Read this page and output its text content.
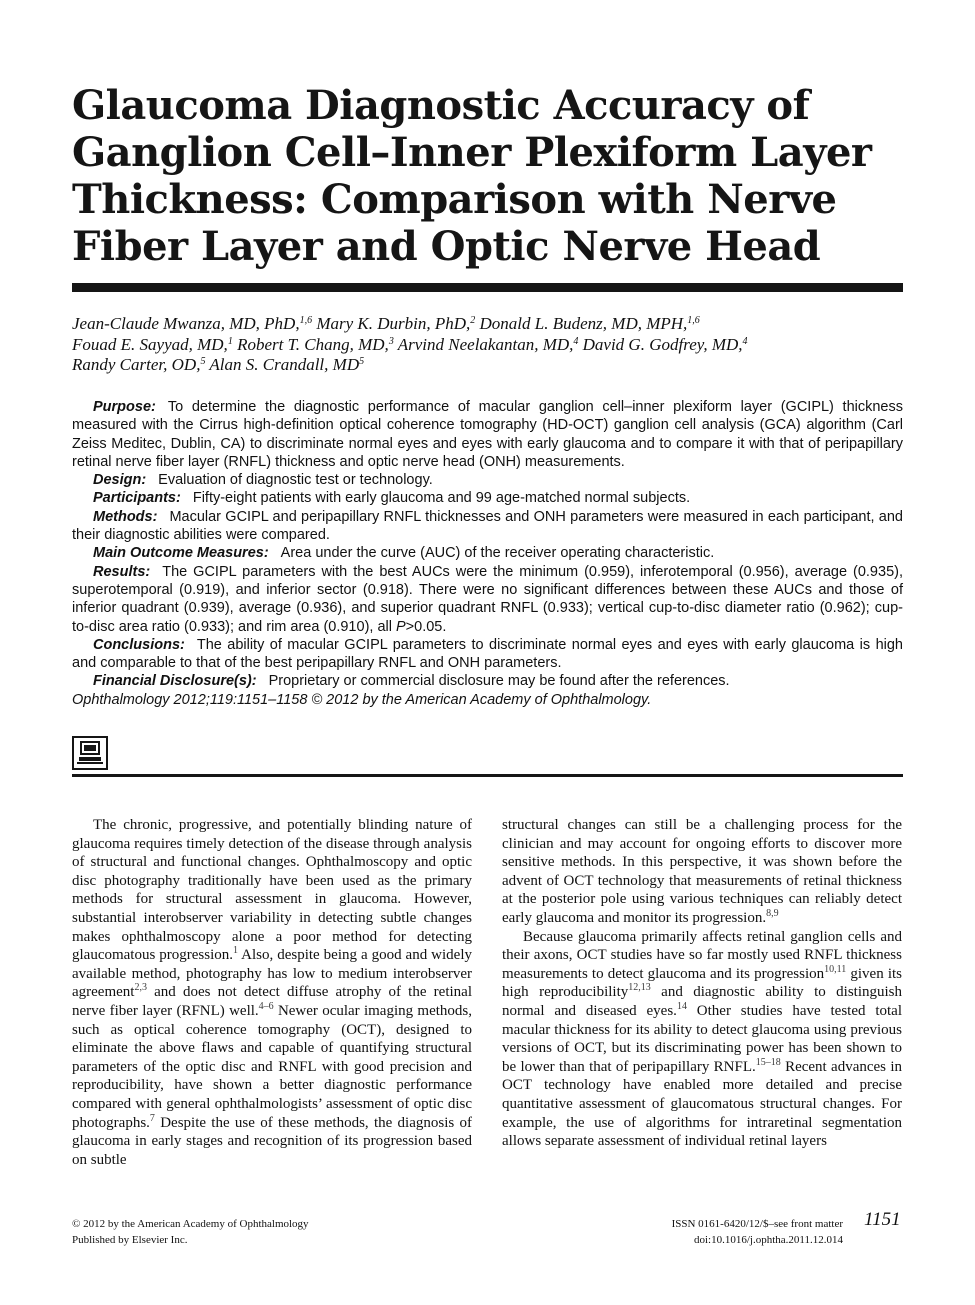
Glaucoma Diagnostic Accuracy of Ganglion Cell–Inner Plexiform Layer Thickness: Comparison with Nerve Fiber Layer and Optic Nerve Head
Jean-Claude Mwanza, MD, PhD,$^{1,6}$ Mary K. Durbin, PhD,$^2$ Donald L. Budenz, MD, MPH,$^{1,6}$
Fouad E. Sayyad, MD,$^1$ Robert T. Chang, MD,$^3$ Arvind Neelakantan, MD,$^4$ David G. Godfrey, MD,$^4$
Randy Carter, OD,$^5$ Alan S. Crandall, $MD^5$

Purpose: To determine the diagnostic performance of macular ganglion cell–inner plexiform layer (GCIPL) thickness measured with the Cirrus high-definition optical coherence tomography (HD-OCT) ganglion cell analysis (GCA) algorithm (Carl Zeiss Meditec, Dublin, CA) to discriminate normal eyes and eyes with early glaucoma and to compare it with that of peripapillary retinal nerve fiber layer (RNFL) thickness and optic nerve head (ONH) measurements.

Design: Evaluation of diagnostic test or technology.

Participants: Fifty-eight patients with early glaucoma and 99 age-matched normal subjects.

Methods: Macular GCIPL and peripapillary RNFL thicknesses and ONH parameters were measured in each participant, and their diagnostic abilities were compared.

Main Outcome Measures: Area under the curve (AUC) of the receiver operating characteristic.

Results: The GCIPL parameters with the best AUCs were the minimum (0.959), inferotemporal (0.956), average (0.935), superotemporal (0.919), and inferior sector (0.918). There were no significant differences between these AUCs and those of inferior quadrant (0.939), average (0.936), and superior quadrant RNFL (0.933); vertical cup-to-disc diameter ratio (0.962); cup-to-disc area ratio (0.933); and rim area (0.910), all P>0.05.

Conclusions: The ability of macular GCIPL parameters to discriminate normal eyes and eyes with early glaucoma is high and comparable to that of the best peripapillary RNFL and ONH parameters.

Financial Disclosure(s): Proprietary or commercial disclosure may be found after the references.
Ophthalmology 2012;119:1151–1158 © 2012 by the American Academy of Ophthalmology.

The chronic, progressive, and potentially blinding nature of glaucoma requires timely detection of the disease through analysis of structural and functional changes. Ophthalmoscopy and optic disc photography traditionally have been used as the primary methods for structural assessment in glaucoma. However, substantial interobserver variability in detecting subtle changes makes ophthalmoscopy alone a poor method for detecting glaucomatous progression.$^1$ Also, despite being a good and widely available method, photography has low to medium interobserver agreement$^{2,3}$ and does not detect diffuse atrophy of the retinal nerve fiber layer (RFNL) well.$^{4-6}$ Newer ocular imaging methods, such as optical coherence tomography (OCT), designed to eliminate the above flaws and capable of quantifying structural parameters of the optic disc and RNFL with good precision and reproducibility, have shown a better diagnostic performance compared with general ophthalmologists’ assessment of optic disc photographs.$^7$ Despite the use of these methods, the diagnosis of glaucoma in early stages and recognition of its progression based on subtle

structural changes can still be a challenging process for the clinician and may account for ongoing efforts to discover more sensitive methods. In this perspective, it was shown before the advent of OCT technology that measurements of retinal thickness at the posterior pole using various techniques can reliably detect early glaucoma and monitor its progression.$^{8,9}$

Because glaucoma primarily affects retinal ganglion cells and their axons, OCT studies have so far mostly used RNFL thickness measurements to detect glaucoma and its progression$^{10,11}$ given its high reproducibility$^{12,13}$ and diagnostic ability to distinguish normal and diseased eyes.$^{14}$ Other studies have tested total macular thickness for its ability to detect glaucoma using previous versions of OCT, but its discriminating power has been shown to be lower than that of peripapillary RNFL.$^{15-18}$ Recent advances in OCT technology have enabled more detailed and precise quantitative assessment of glaucomatous structural changes. For example, the use of algorithms for intraretinal segmentation allows separate assessment of individual retinal layers

© 2012 by the American Academy of Ophthalmology
Published by Elsevier Inc.
ISSN 0161-6420/12/$–see front matter
doi:10.1016/j.ophtha.2011.12.014
1151
